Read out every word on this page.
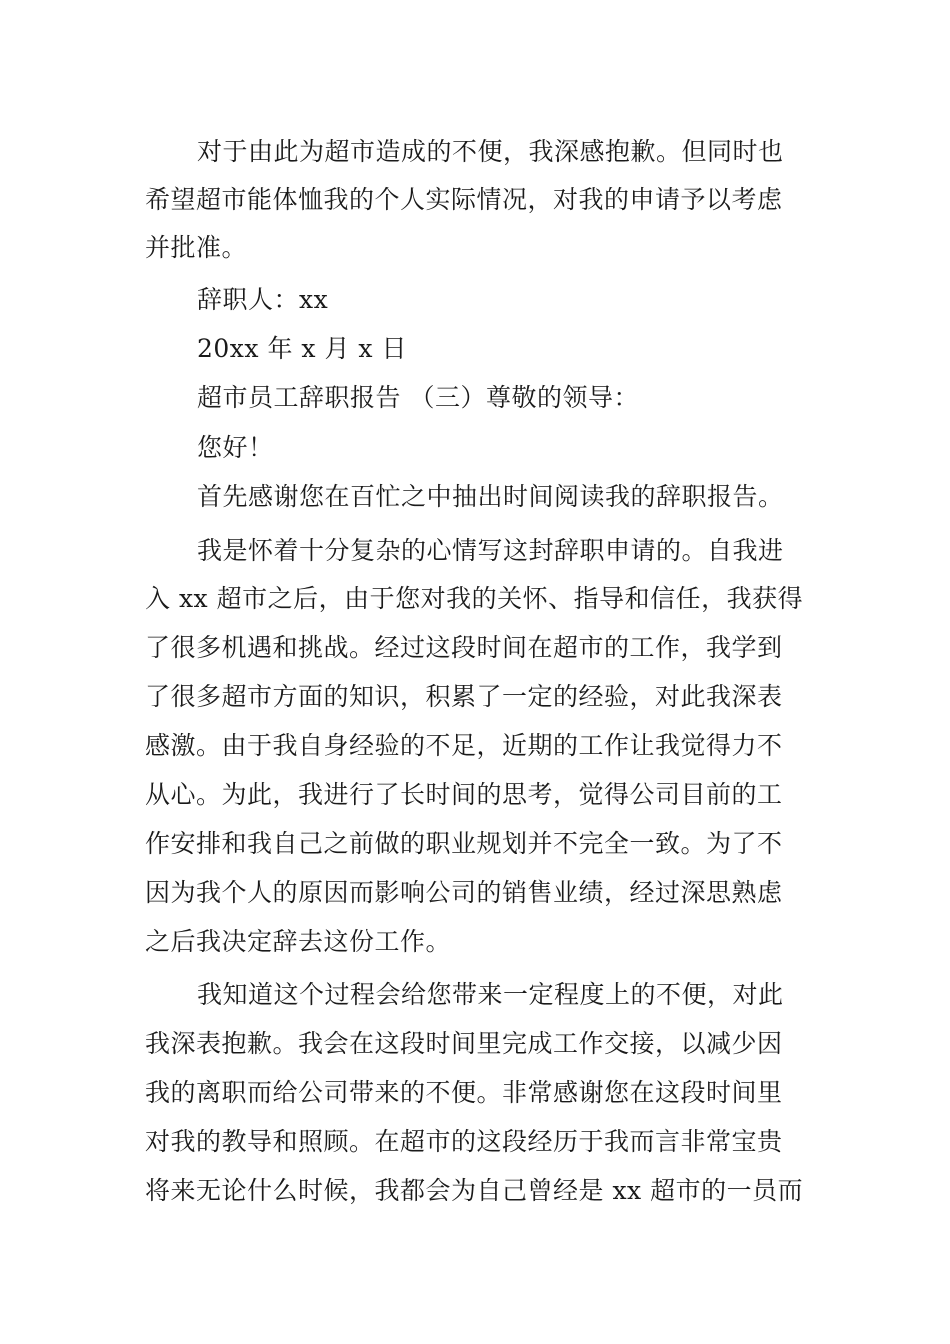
对于由此为超市造成的不便，我深感抱歉。但同时也
希望超市能体恤我的个人实际情况，对我的申请予以考虑
并批准。
辞职人：xx
20xx 年 x 月 x 日
超市员工辞职报告 （三）尊敬的领导：
您好！
首先感谢您在百忙之中抽出时间阅读我的辞职报告。
我是怀着十分复杂的心情写这封辞职申请的。自我进
入 xx 超市之后，由于您对我的关怀、指导和信任，我获得
了很多机遇和挑战。经过这段时间在超市的工作，我学到
了很多超市方面的知识，积累了一定的经验，对此我深表
感激。由于我自身经验的不足，近期的工作让我觉得力不
从心。为此，我进行了长时间的思考，觉得公司目前的工
作安排和我自己之前做的职业规划并不完全一致。为了不
因为我个人的原因而影响公司的销售业绩，经过深思熟虑
之后我决定辞去这份工作。
我知道这个过程会给您带来一定程度上的不便，对此
我深表抱歉。我会在这段时间里完成工作交接，以减少因
我的离职而给公司带来的不便。非常感谢您在这段时间里
对我的教导和照顾。在超市的这段经历于我而言非常宝贵
将来无论什么时候，我都会为自己曾经是 xx 超市的一员而
